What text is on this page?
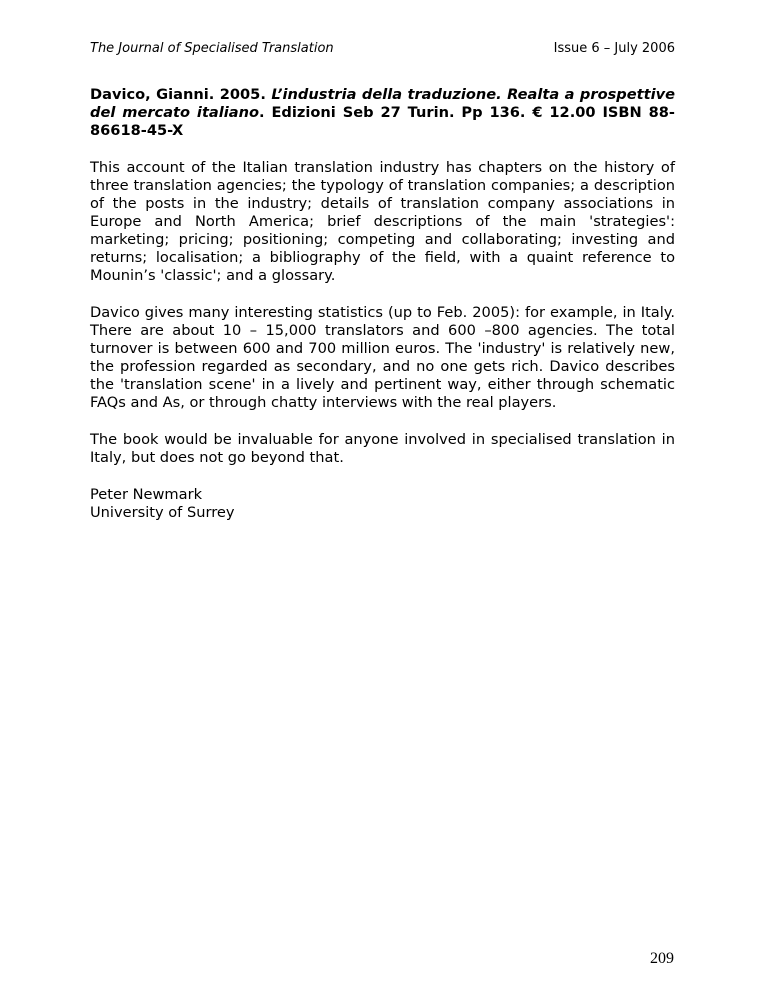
The Journal of Specialised Translation	Issue 6 – July 2006

Davico, Gianni. 2005. L’industria della traduzione. Realta a prospettive del mercato italiano. Edizioni Seb 27 Turin. Pp 136. € 12.00 ISBN 88-86618-45-X

This account of the Italian translation industry has chapters on the history of three translation agencies; the typology of translation companies; a description of the posts in the industry; details of translation company associations in Europe and North America; brief descriptions of the main 'strategies': marketing; pricing; positioning; competing and collaborating; investing and returns; localisation; a bibliography of the field, with a quaint reference to Mounin’s 'classic'; and a glossary.

Davico gives many interesting statistics (up to Feb. 2005): for example, in Italy. There are about 10 – 15,000 translators and 600 –800 agencies. The total turnover is between 600 and 700 million euros. The 'industry' is relatively new, the profession regarded as secondary, and no one gets rich. Davico describes the 'translation scene' in a lively and pertinent way, either through schematic FAQs and As, or through chatty interviews with the real players.

The book would be invaluable for anyone involved in specialised translation in Italy, but does not go beyond that.

Peter Newmark
University of Surrey

209
